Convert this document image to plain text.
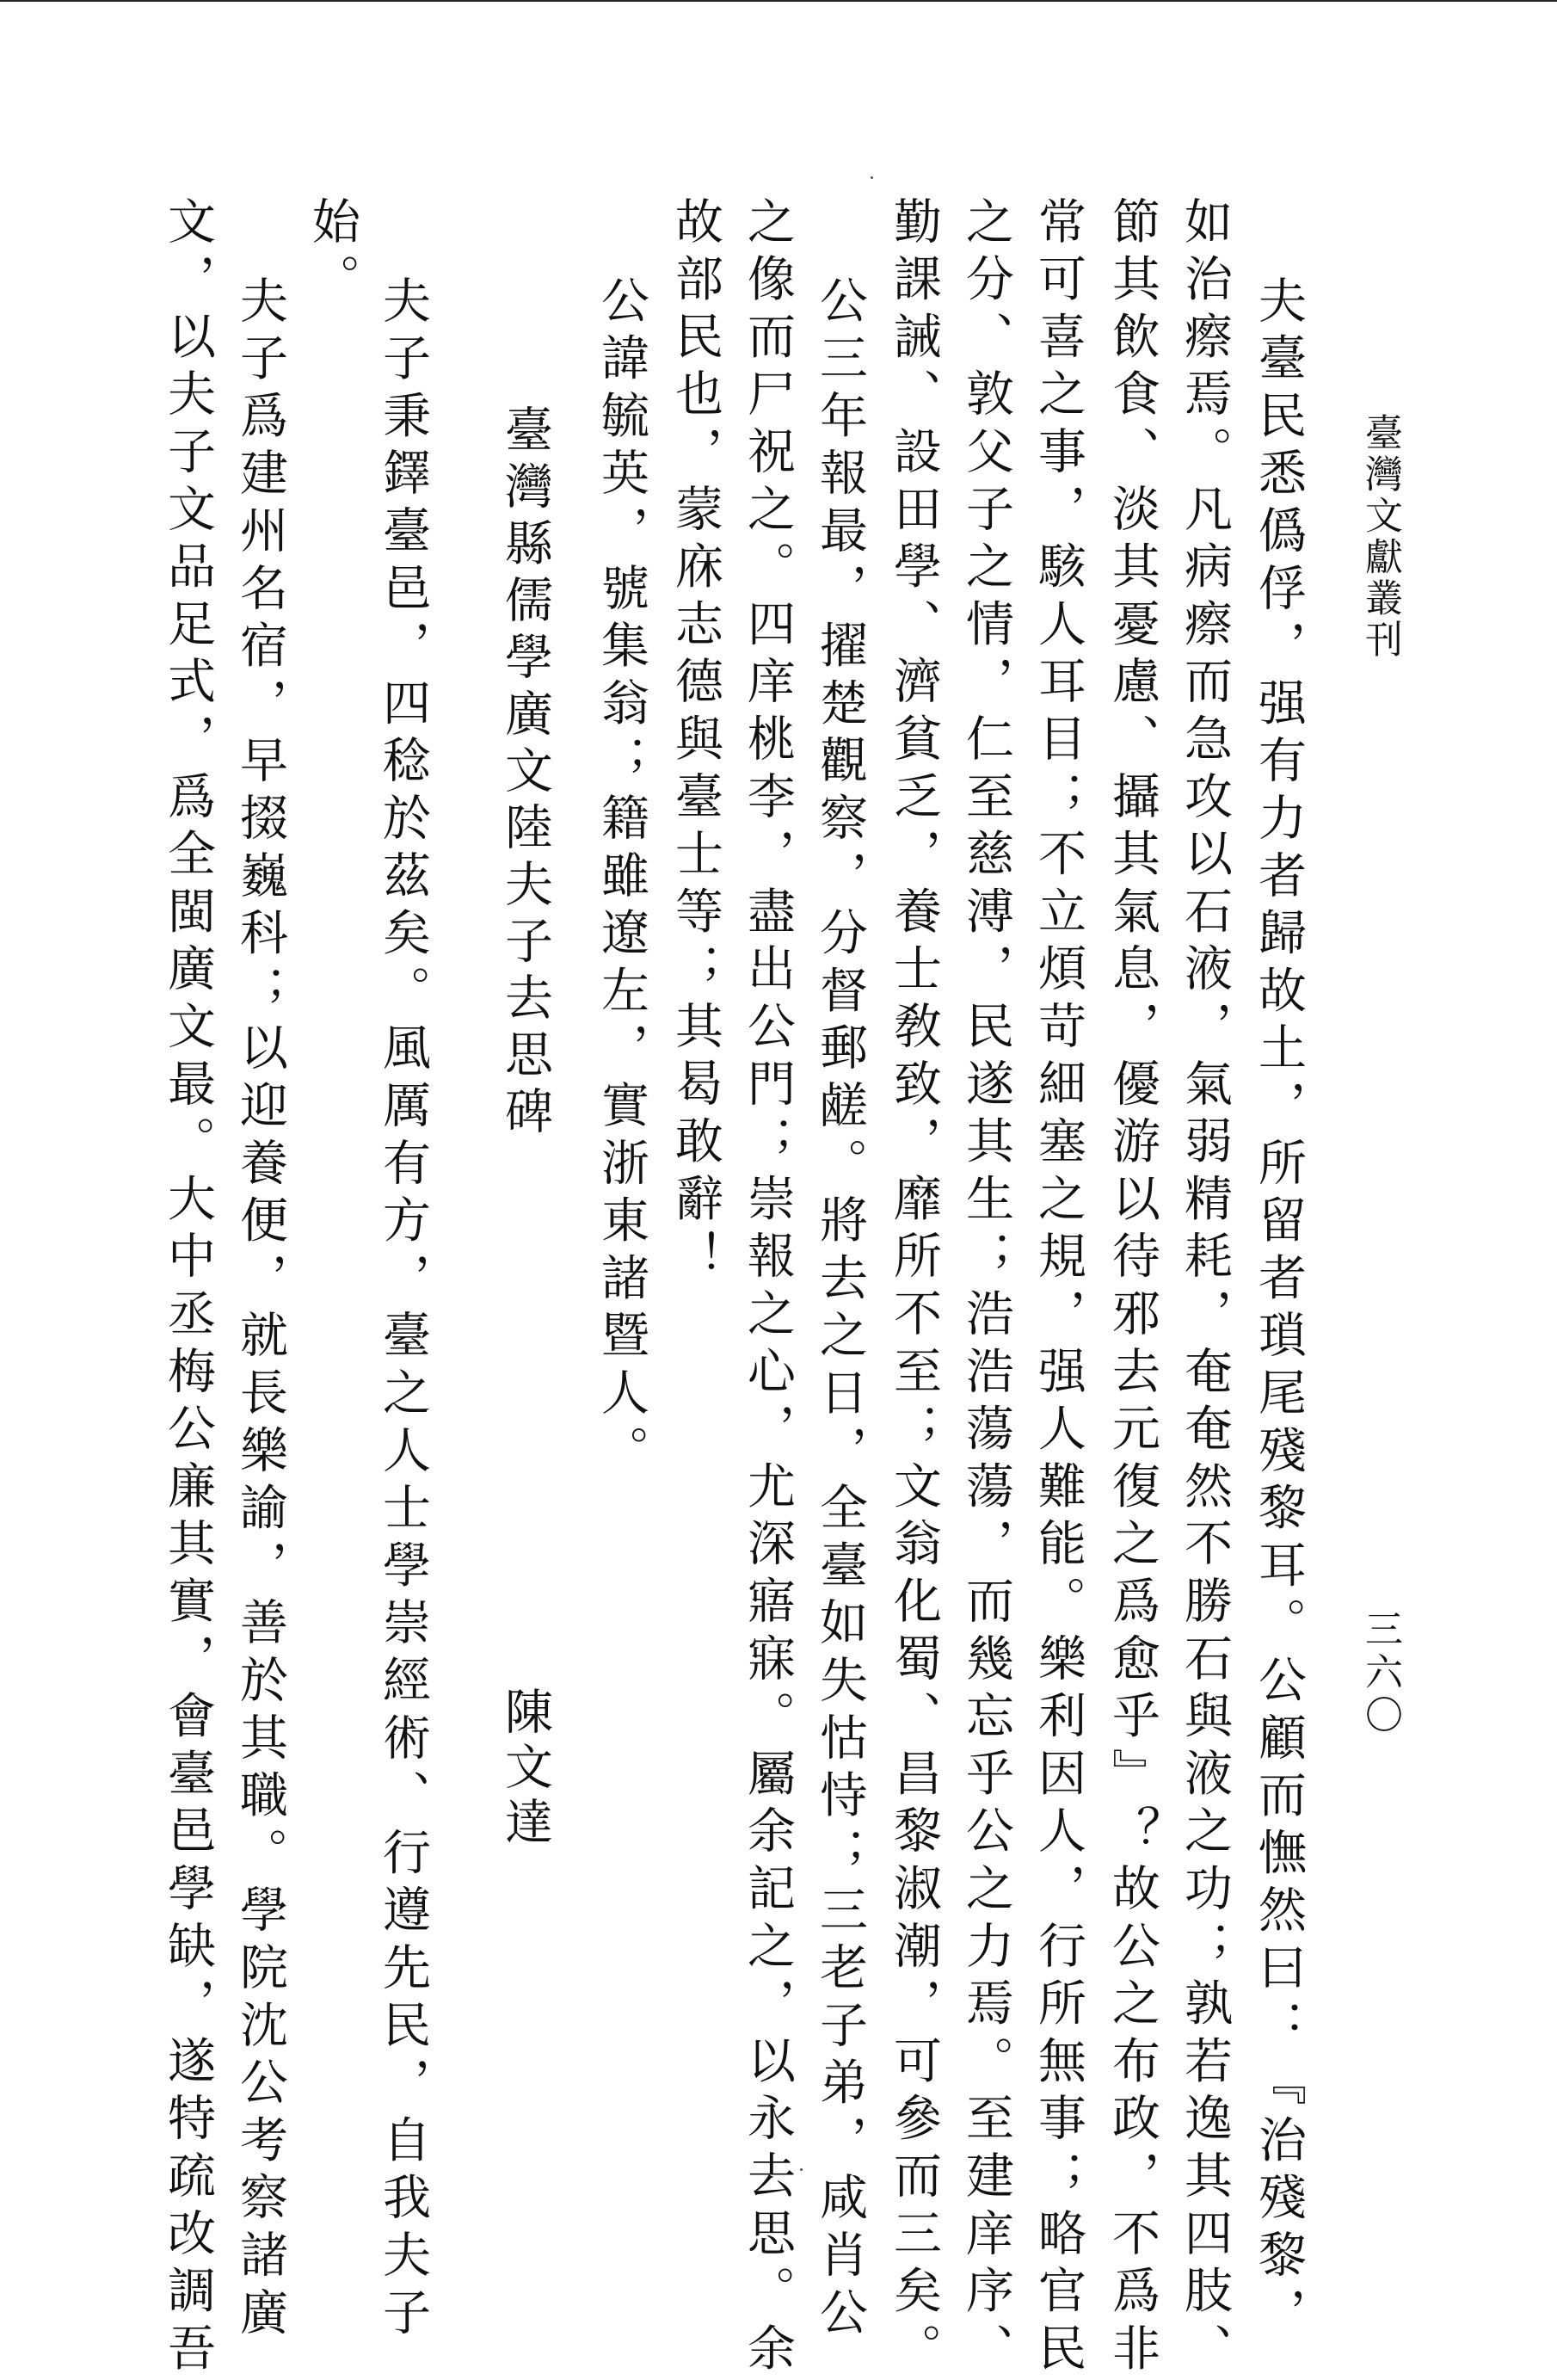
臺灣文獻叢刊
三六〇
夫臺民悉僞俘，强有力者歸故土，所留者瑣尾殘黎耳。公顧而憮然曰：『治殘黎，
如治瘵焉。凡病瘵而急攻以石液，氣弱精耗，奄奄然不勝石與液之功；孰若逸其四肢、
節其飲食、淡其憂慮、攝其氣息，優游以待邪去元復之爲愈乎』？故公之布政，不爲非
常可喜之事，駭人耳目；不立煩苛細塞之規，强人難能。樂利因人，行所無事；略官民
之分、敦父子之情，仁至慈溥，民遂其生；浩浩蕩蕩，而幾忘乎公之力焉。至建庠序、
勤課誡、設田學、濟貧乏，養士敎致，靡所不至；文翁化蜀、昌黎淑潮，可參而三矣。
公三年報最，擢楚觀察，分督郵鹾。將去之日，全臺如失怙恃；三老子弟，咸肖公
之像而尸祝之。四庠桃李，盡出公門；崇報之心，尤深寤寐。屬余記之，以永去思。余
故部民也，蒙庥志德與臺士等；其曷敢辭！
公諱毓英，號集翁；籍雖遼左，實浙東諸暨人。
臺灣縣儒學廣文陸夫子去思碑
陳文達
夫子秉鐸臺邑，四稔於茲矣。風厲有方，臺之人士學崇經術、行遵先民，自我夫子
始。
夫子爲建州名宿，早掇巍科；以迎養便，就長樂諭，善於其職。學院沈公考察諸廣
文，以夫子文品足式，爲全閩廣文最。大中丞梅公廉其實，會臺邑學缺，遂特疏改調吾
